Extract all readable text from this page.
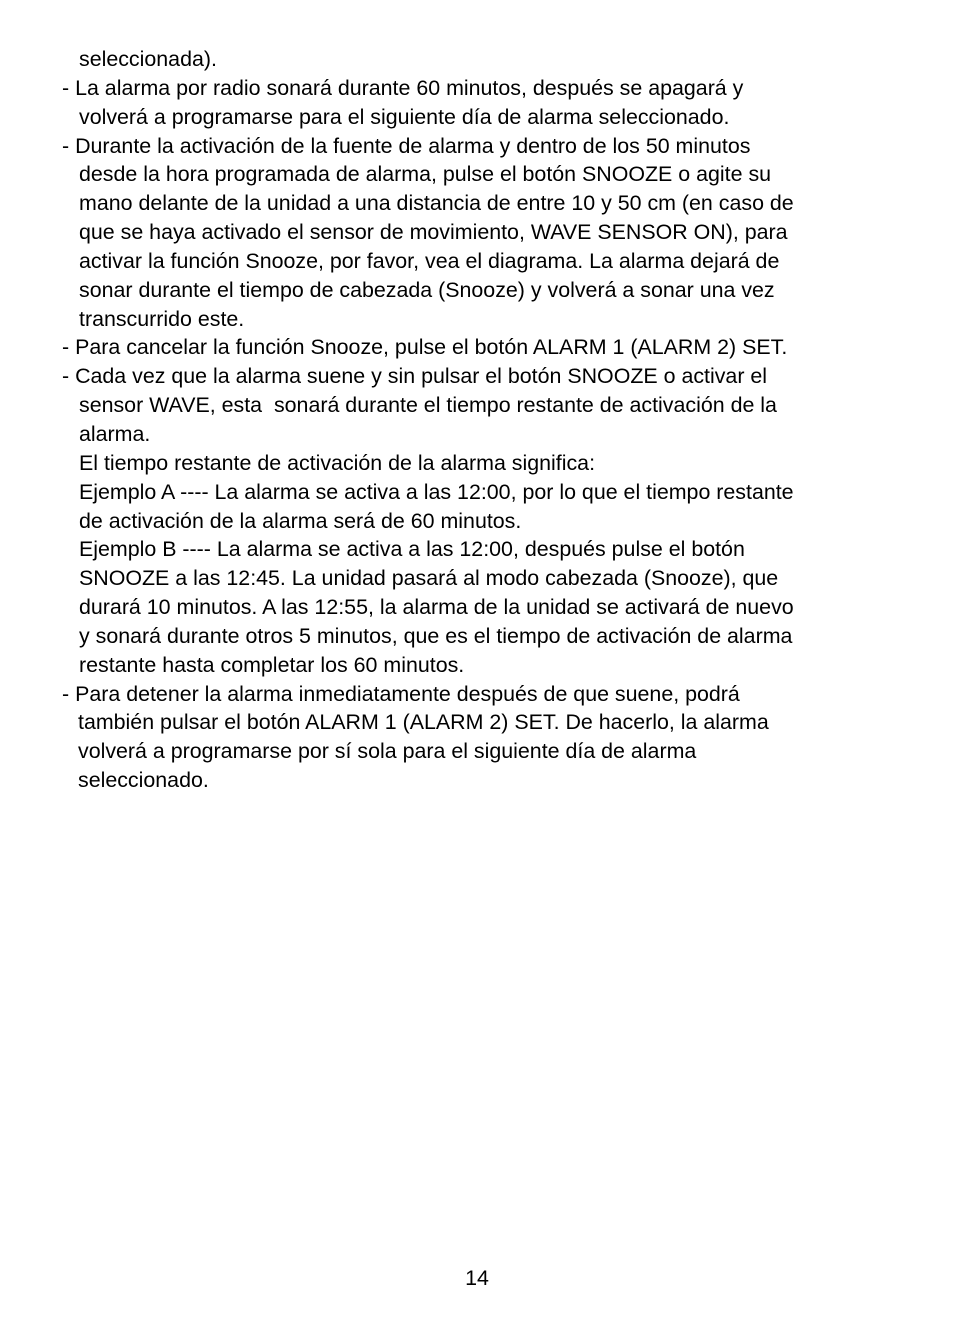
seleccionada).
- La alarma por radio sonará durante 60 minutos, después se apagará y
volverá a programarse para el siguiente día de alarma seleccionado.
- Durante la activación de la fuente de alarma y dentro de los 50 minutos
desde la hora programada de alarma, pulse el botón SNOOZE o agite su
mano delante de la unidad a una distancia de entre 10 y 50 cm (en caso de
que se haya activado el sensor de movimiento, WAVE SENSOR ON), para
activar la función Snooze, por favor, vea el diagrama. La alarma dejará de
sonar durante el tiempo de cabezada (Snooze) y volverá a sonar una vez
transcurrido este.
- Para cancelar la función Snooze, pulse el botón ALARM 1 (ALARM 2) SET.
- Cada vez que la alarma suene y sin pulsar el botón SNOOZE o activar el
sensor WAVE, esta  sonará durante el tiempo restante de activación de la
alarma.
El tiempo restante de activación de la alarma significa:
Ejemplo A ---- La alarma se activa a las 12:00, por lo que el tiempo restante
de activación de la alarma será de 60 minutos.
Ejemplo B ---- La alarma se activa a las 12:00, después pulse el botón
SNOOZE a las 12:45. La unidad pasará al modo cabezada (Snooze), que
durará 10 minutos. A las 12:55, la alarma de la unidad se activará de nuevo
y sonará durante otros 5 minutos, que es el tiempo de activación de alarma
restante hasta completar los 60 minutos.
- Para detener la alarma inmediatamente después de que suene, podrá
también pulsar el botón ALARM 1 (ALARM 2) SET. De hacerlo, la alarma
volverá a programarse por sí sola para el siguiente día de alarma
seleccionado.
14
